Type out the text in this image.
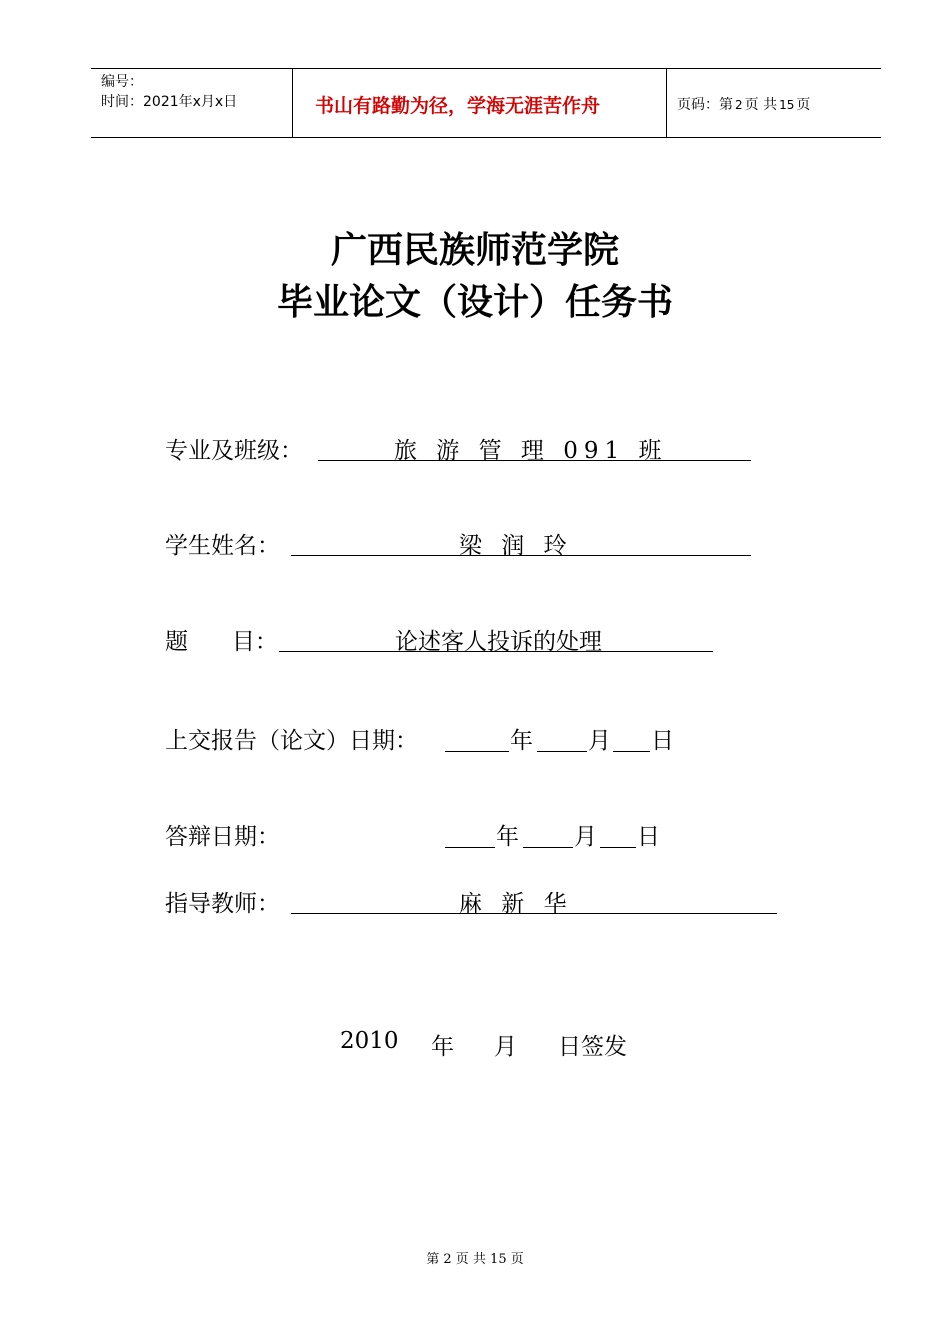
编号：
时间：2021年x月x日	书山有路勤为径，学海无涯苦作舟	页码：第 2 页 共 15 页
广西民族师范学院
毕业论文（设计）任务书
专业及班级：	旅 游 管 理 091 班
学生姓名：	梁 润 玲
题      目：	论述客人投诉的处理
上交报告（论文）日期：	年 月 日
答辩日期：	年 月 日
指导教师：	麻 新 华
2010 年 月 日签发
第 2 页 共 15 页
